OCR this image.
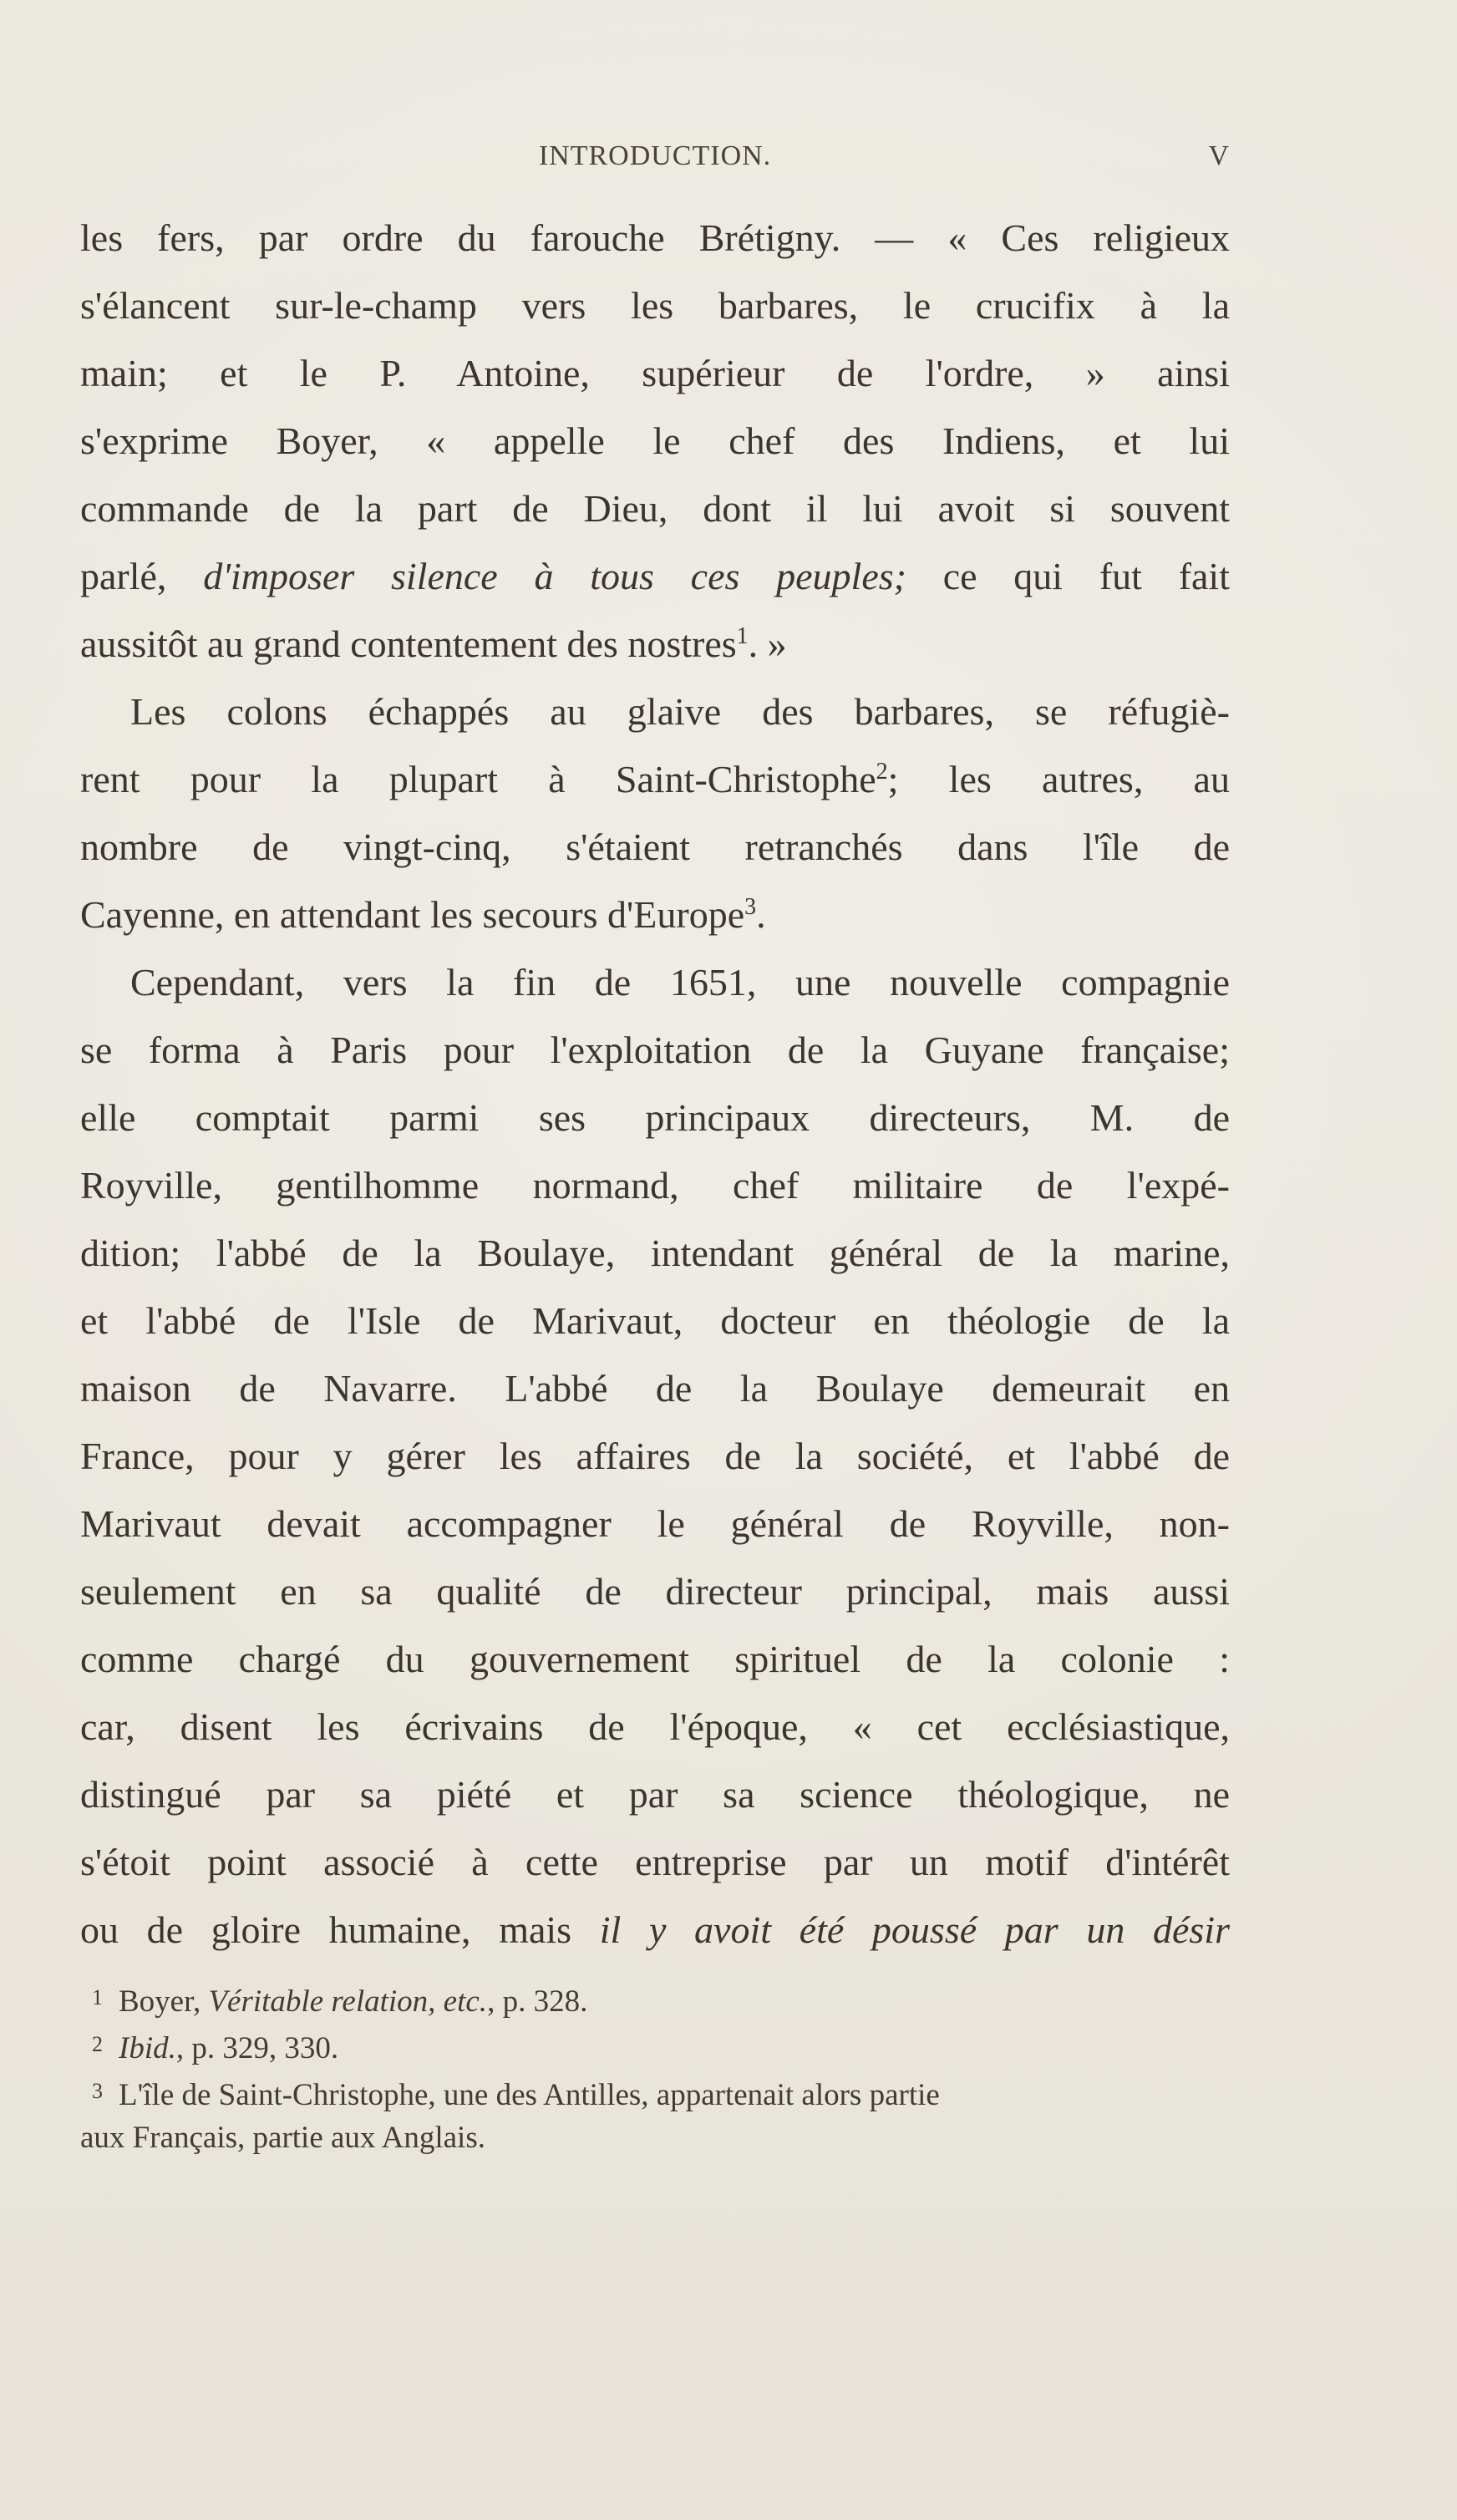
INTRODUCTION.	V
les fers, par ordre du farouche Brétigny. — « Ces religieux
s'élancent sur-le-champ vers les barbares, le crucifix à la
main; et le P. Antoine, supérieur de l'ordre, » ainsi
s'exprime Boyer, « appelle le chef des Indiens, et lui
commande de la part de Dieu, dont il lui avoit si souvent
parlé, d'imposer silence à tous ces peuples; ce qui fut fait
aussitôt au grand contentement des nostres$^1$. »
Les colons échappés au glaive des barbares, se réfugiè-
rent pour la plupart à Saint-Christophe$^2$; les autres, au
nombre de vingt-cinq, s'étaient retranchés dans l'île de
Cayenne, en attendant les secours d'Europe$^3$.
Cependant, vers la fin de 1651, une nouvelle compagnie
se forma à Paris pour l'exploitation de la Guyane française;
elle comptait parmi ses principaux directeurs, M. de
Royville, gentilhomme normand, chef militaire de l'expé-
dition; l'abbé de la Boulaye, intendant général de la marine,
et l'abbé de l'Isle de Marivaut, docteur en théologie de la
maison de Navarre. L'abbé de la Boulaye demeurait en
France, pour y gérer les affaires de la société, et l'abbé de
Marivaut devait accompagner le général de Royville, non-
seulement en sa qualité de directeur principal, mais aussi
comme chargé du gouvernement spirituel de la colonie :
car, disent les écrivains de l'époque, « cet ecclésiastique,
distingué par sa piété et par sa science théologique, ne
s'étoit point associé à cette entreprise par un motif d'intérêt
ou de gloire humaine, mais il y avoit été poussé par un désir
1 Boyer, Véritable relation, etc., p. 328.
2 Ibid., p. 329, 330.
3 L'île de Saint-Christophe, une des Antilles, appartenait alors partie
aux Français, partie aux Anglais.
